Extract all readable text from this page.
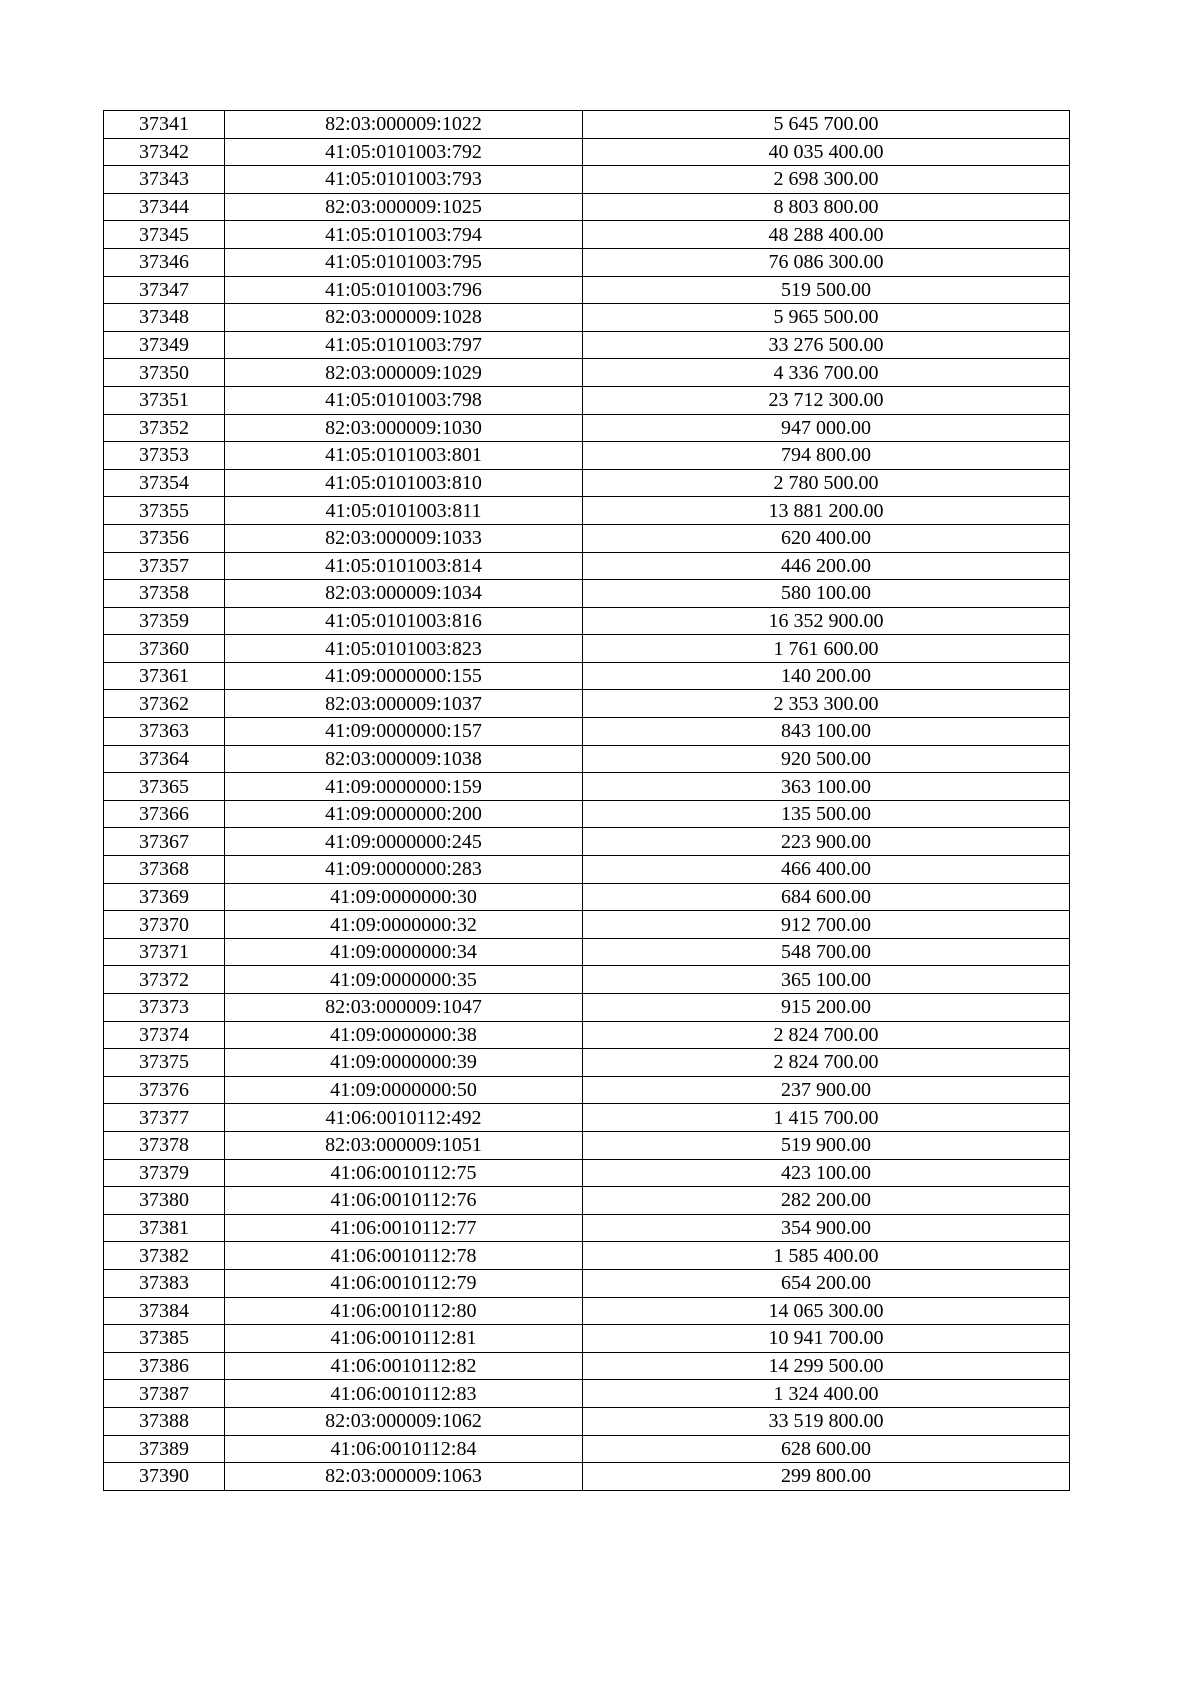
37341	82:03:000009:1022	5 645 700.00
37342	41:05:0101003:792	40 035 400.00
37343	41:05:0101003:793	2 698 300.00
37344	82:03:000009:1025	8 803 800.00
37345	41:05:0101003:794	48 288 400.00
37346	41:05:0101003:795	76 086 300.00
37347	41:05:0101003:796	519 500.00
37348	82:03:000009:1028	5 965 500.00
37349	41:05:0101003:797	33 276 500.00
37350	82:03:000009:1029	4 336 700.00
37351	41:05:0101003:798	23 712 300.00
37352	82:03:000009:1030	947 000.00
37353	41:05:0101003:801	794 800.00
37354	41:05:0101003:810	2 780 500.00
37355	41:05:0101003:811	13 881 200.00
37356	82:03:000009:1033	620 400.00
37357	41:05:0101003:814	446 200.00
37358	82:03:000009:1034	580 100.00
37359	41:05:0101003:816	16 352 900.00
37360	41:05:0101003:823	1 761 600.00
37361	41:09:0000000:155	140 200.00
37362	82:03:000009:1037	2 353 300.00
37363	41:09:0000000:157	843 100.00
37364	82:03:000009:1038	920 500.00
37365	41:09:0000000:159	363 100.00
37366	41:09:0000000:200	135 500.00
37367	41:09:0000000:245	223 900.00
37368	41:09:0000000:283	466 400.00
37369	41:09:0000000:30	684 600.00
37370	41:09:0000000:32	912 700.00
37371	41:09:0000000:34	548 700.00
37372	41:09:0000000:35	365 100.00
37373	82:03:000009:1047	915 200.00
37374	41:09:0000000:38	2 824 700.00
37375	41:09:0000000:39	2 824 700.00
37376	41:09:0000000:50	237 900.00
37377	41:06:0010112:492	1 415 700.00
37378	82:03:000009:1051	519 900.00
37379	41:06:0010112:75	423 100.00
37380	41:06:0010112:76	282 200.00
37381	41:06:0010112:77	354 900.00
37382	41:06:0010112:78	1 585 400.00
37383	41:06:0010112:79	654 200.00
37384	41:06:0010112:80	14 065 300.00
37385	41:06:0010112:81	10 941 700.00
37386	41:06:0010112:82	14 299 500.00
37387	41:06:0010112:83	1 324 400.00
37388	82:03:000009:1062	33 519 800.00
37389	41:06:0010112:84	628 600.00
37390	82:03:000009:1063	299 800.00
